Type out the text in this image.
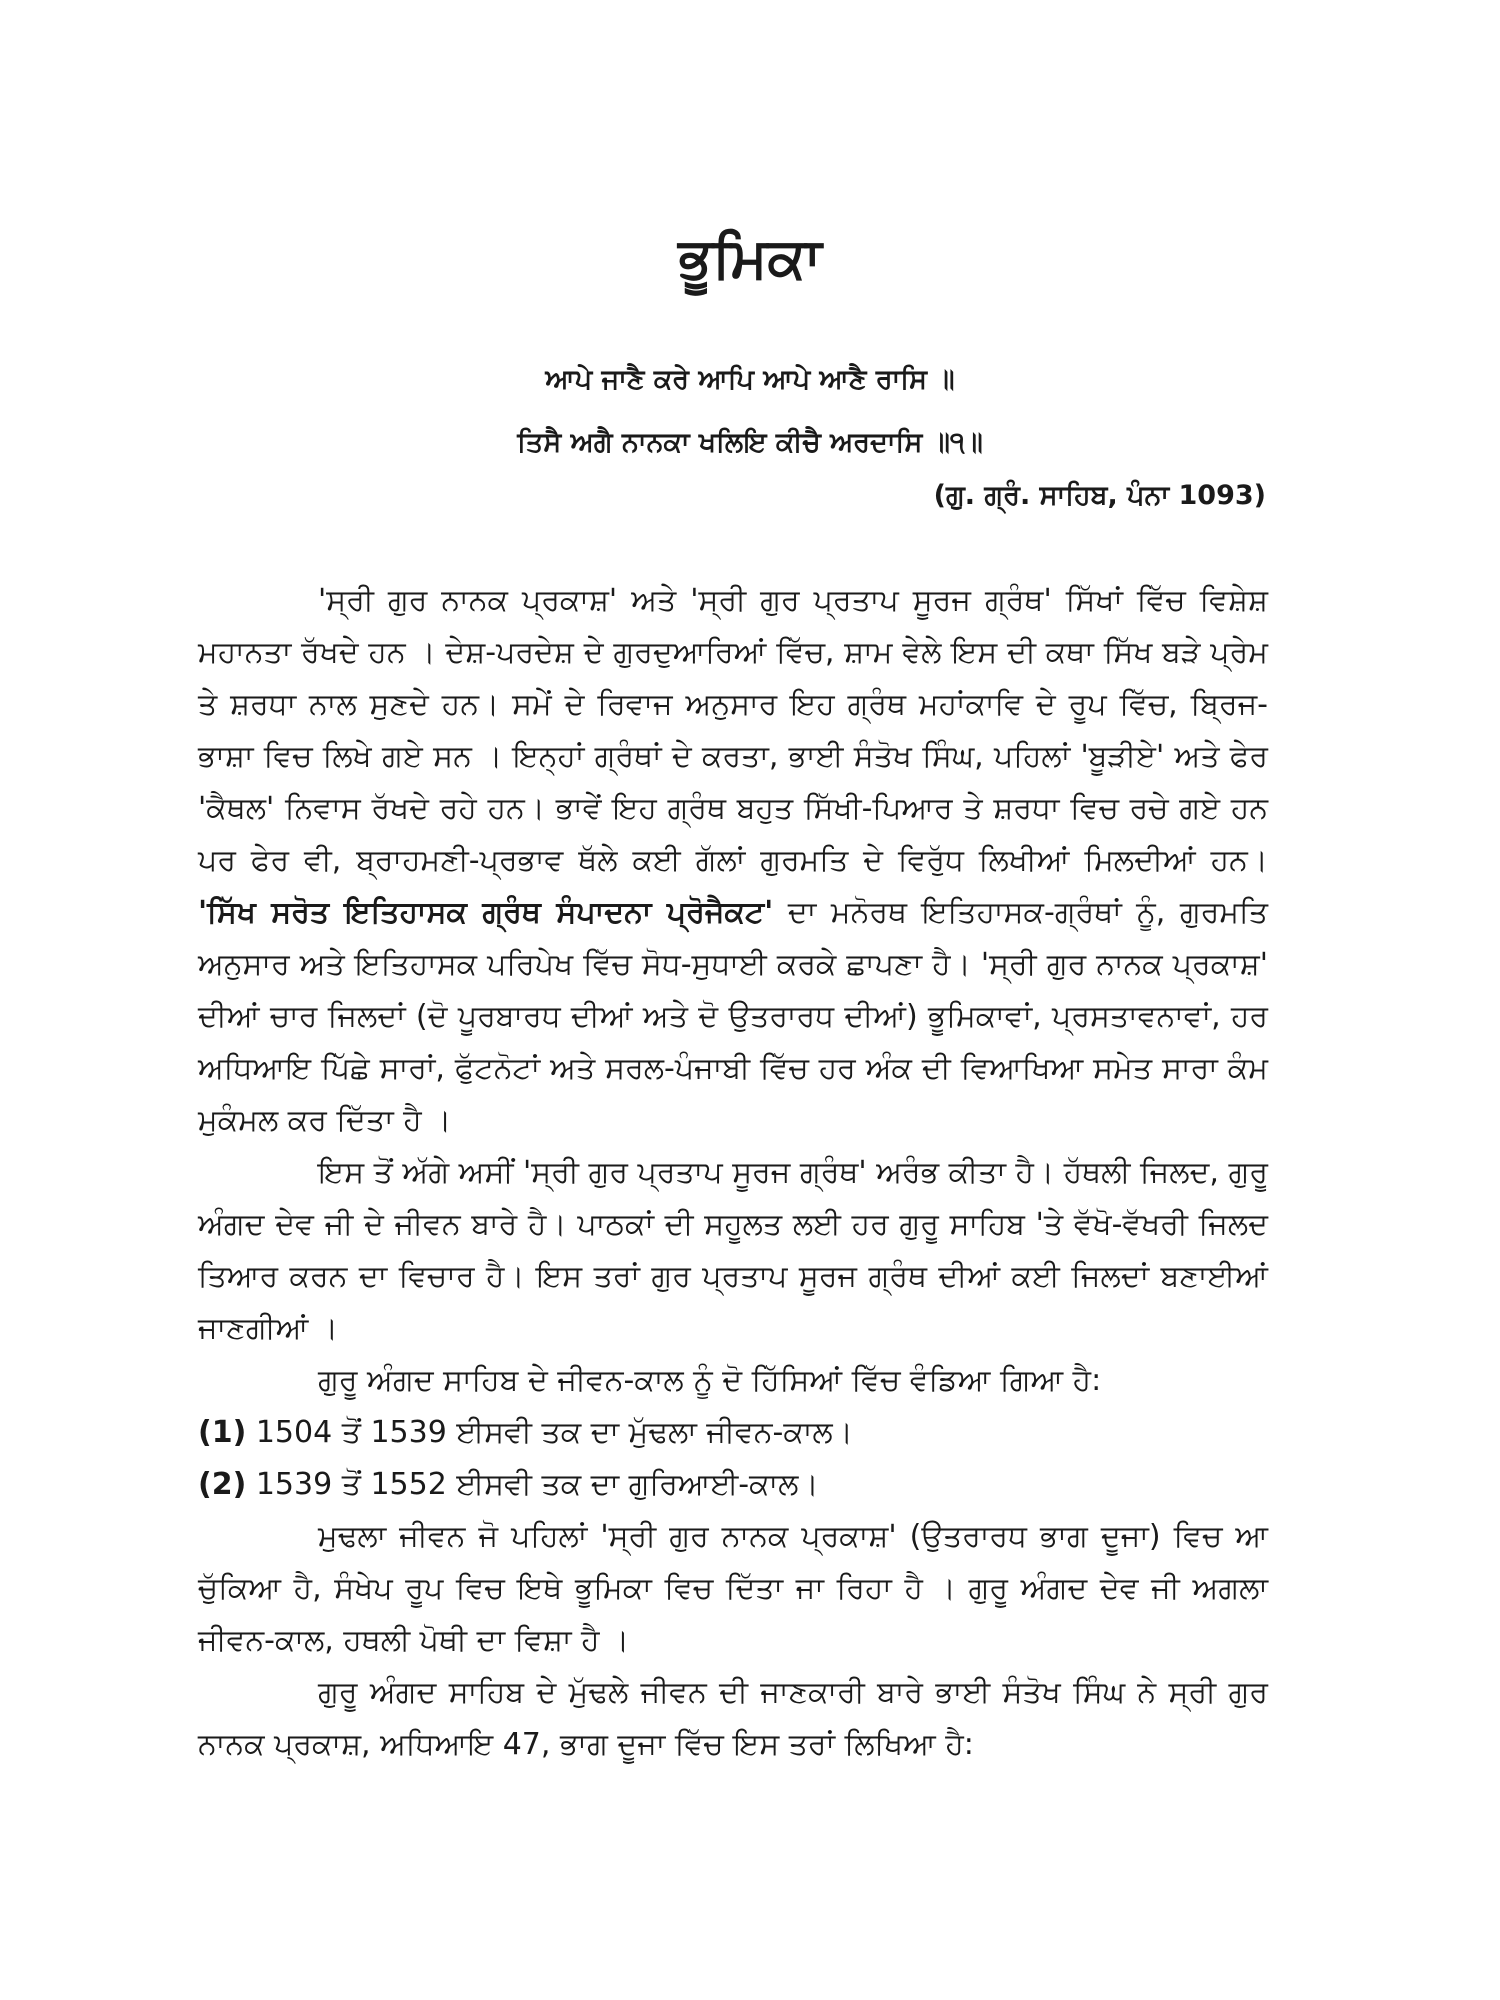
ਭੂਮਿਕਾ

ਆਪੇ ਜਾਣੈ ਕਰੇ ਆਪਿ ਆਪੇ ਆਣੈ ਰਾਸਿ ॥

ਤਿਸੈ ਅਗੈ ਨਾਨਕਾ ਖਲਿਇ ਕੀਚੈ ਅਰਦਾਸਿ ॥੧॥

(ਗੁ. ਗ੍ਰੰ. ਸਾਹਿਬ, ਪੰਨਾ 1093)

'ਸ੍ਰੀ ਗੁਰ ਨਾਨਕ ਪ੍ਰਕਾਸ਼' ਅਤੇ 'ਸ੍ਰੀ ਗੁਰ ਪ੍ਰਤਾਪ ਸੂਰਜ ਗ੍ਰੰਥ' ਸਿੱਖਾਂ ਵਿੱਚ ਵਿਸ਼ੇਸ਼ ਮਹਾਨਤਾ ਰੱਖਦੇ ਹਨ । ਦੇਸ਼-ਪਰਦੇਸ਼ ਦੇ ਗੁਰਦੁਆਰਿਆਂ ਵਿੱਚ, ਸ਼ਾਮ ਵੇਲੇ ਇਸ ਦੀ ਕਥਾ ਸਿੱਖ ਬੜੇ ਪ੍ਰੇਮ ਤੇ ਸ਼ਰਧਾ ਨਾਲ ਸੁਣਦੇ ਹਨ। ਸਮੇਂ ਦੇ ਰਿਵਾਜ ਅਨੁਸਾਰ ਇਹ ਗ੍ਰੰਥ ਮਹਾਂਕਾਵਿ ਦੇ ਰੂਪ ਵਿੱਚ, ਬ੍ਰਿਜ-ਭਾਸ਼ਾ ਵਿਚ ਲਿਖੇ ਗਏ ਸਨ । ਇਨ੍ਹਾਂ ਗ੍ਰੰਥਾਂ ਦੇ ਕਰਤਾ, ਭਾਈ ਸੰਤੋਖ ਸਿੰਘ, ਪਹਿਲਾਂ 'ਬੂੜੀਏ' ਅਤੇ ਫੇਰ 'ਕੈਥਲ' ਨਿਵਾਸ ਰੱਖਦੇ ਰਹੇ ਹਨ। ਭਾਵੇਂ ਇਹ ਗ੍ਰੰਥ ਬਹੁਤ ਸਿੱਖੀ-ਪਿਆਰ ਤੇ ਸ਼ਰਧਾ ਵਿਚ ਰਚੇ ਗਏ ਹਨ ਪਰ ਫੇਰ ਵੀ, ਬ੍ਰਾਹਮਣੀ-ਪ੍ਰਭਾਵ ਥੱਲੇ ਕਈ ਗੱਲਾਂ ਗੁਰਮਤਿ ਦੇ ਵਿਰੁੱਧ ਲਿਖੀਆਂ ਮਿਲਦੀਆਂ ਹਨ। 'ਸਿੱਖ ਸਰੋਤ ਇਤਿਹਾਸਕ ਗ੍ਰੰਥ ਸੰਪਾਦਨਾ ਪ੍ਰੋਜੈਕਟ' ਦਾ ਮਨੋਰਥ ਇਤਿਹਾਸਕ-ਗ੍ਰੰਥਾਂ ਨੂੰ, ਗੁਰਮਤਿ ਅਨੁਸਾਰ ਅਤੇ ਇਤਿਹਾਸਕ ਪਰਿਪੇਖ ਵਿੱਚ ਸੋਧ-ਸੁਧਾਈ ਕਰਕੇ ਛਾਪਣਾ ਹੈ। 'ਸ੍ਰੀ ਗੁਰ ਨਾਨਕ ਪ੍ਰਕਾਸ਼' ਦੀਆਂ ਚਾਰ ਜਿਲਦਾਂ (ਦੋ ਪੂਰਬਾਰਧ ਦੀਆਂ ਅਤੇ ਦੋ ਉਤਰਾਰਧ ਦੀਆਂ) ਭੂਮਿਕਾਵਾਂ, ਪ੍ਰਸਤਾਵਨਾਵਾਂ, ਹਰ ਅਧਿਆਇ ਪਿੱਛੇ ਸਾਰਾਂ, ਫੁੱਟਨੋਟਾਂ ਅਤੇ ਸਰਲ-ਪੰਜਾਬੀ ਵਿੱਚ ਹਰ ਅੰਕ ਦੀ ਵਿਆਖਿਆ ਸਮੇਤ ਸਾਰਾ ਕੰਮ ਮੁਕੰਮਲ ਕਰ ਦਿੱਤਾ ਹੈ ।

ਇਸ ਤੋਂ ਅੱਗੇ ਅਸੀਂ 'ਸ੍ਰੀ ਗੁਰ ਪ੍ਰਤਾਪ ਸੂਰਜ ਗ੍ਰੰਥ' ਅਰੰਭ ਕੀਤਾ ਹੈ। ਹੱਥਲੀ ਜਿਲਦ, ਗੁਰੂ ਅੰਗਦ ਦੇਵ ਜੀ ਦੇ ਜੀਵਨ ਬਾਰੇ ਹੈ। ਪਾਠਕਾਂ ਦੀ ਸਹੂਲਤ ਲਈ ਹਰ ਗੁਰੂ ਸਾਹਿਬ 'ਤੇ ਵੱਖੋ-ਵੱਖਰੀ ਜਿਲਦ ਤਿਆਰ ਕਰਨ ਦਾ ਵਿਚਾਰ ਹੈ। ਇਸ ਤਰਾਂ ਗੁਰ ਪ੍ਰਤਾਪ ਸੂਰਜ ਗ੍ਰੰਥ ਦੀਆਂ ਕਈ ਜਿਲਦਾਂ ਬਣਾਈਆਂ ਜਾਣਗੀਆਂ ।

ਗੁਰੂ ਅੰਗਦ ਸਾਹਿਬ ਦੇ ਜੀਵਨ-ਕਾਲ ਨੂੰ ਦੋ ਹਿੱਸਿਆਂ ਵਿੱਚ ਵੰਡਿਆ ਗਿਆ ਹੈ:

(1) 1504 ਤੋਂ 1539 ਈਸਵੀ ਤਕ ਦਾ ਮੁੱਢਲਾ ਜੀਵਨ-ਕਾਲ।

(2) 1539 ਤੋਂ 1552 ਈਸਵੀ ਤਕ ਦਾ ਗੁਰਿਆਈ-ਕਾਲ।

ਮੁਢਲਾ ਜੀਵਨ ਜੋ ਪਹਿਲਾਂ 'ਸ੍ਰੀ ਗੁਰ ਨਾਨਕ ਪ੍ਰਕਾਸ਼' (ਉਤਰਾਰਧ ਭਾਗ ਦੂਜਾ) ਵਿਚ ਆ ਚੁੱਕਿਆ ਹੈ, ਸੰਖੇਪ ਰੂਪ ਵਿਚ ਇਥੇ ਭੂਮਿਕਾ ਵਿਚ ਦਿੱਤਾ ਜਾ ਰਿਹਾ ਹੈ । ਗੁਰੂ ਅੰਗਦ ਦੇਵ ਜੀ ਅਗਲਾ ਜੀਵਨ-ਕਾਲ, ਹਥਲੀ ਪੋਥੀ ਦਾ ਵਿਸ਼ਾ ਹੈ ।

ਗੁਰੂ ਅੰਗਦ ਸਾਹਿਬ ਦੇ ਮੁੱਢਲੇ ਜੀਵਨ ਦੀ ਜਾਣਕਾਰੀ ਬਾਰੇ ਭਾਈ ਸੰਤੋਖ ਸਿੰਘ ਨੇ ਸ੍ਰੀ ਗੁਰ ਨਾਨਕ ਪ੍ਰਕਾਸ਼, ਅਧਿਆਇ 47, ਭਾਗ ਦੂਜਾ ਵਿੱਚ ਇਸ ਤਰਾਂ ਲਿਖਿਆ ਹੈ:
